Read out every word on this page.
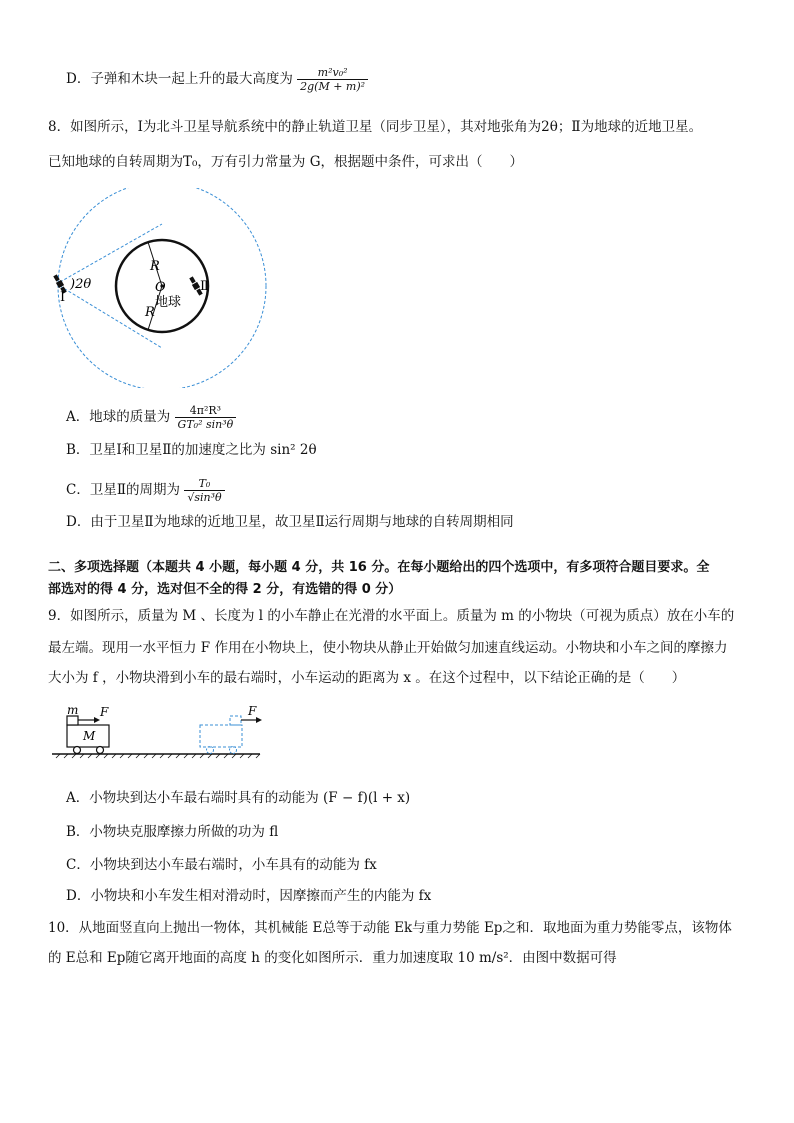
D．子弹和木块一起上升的最大高度为 $\frac{\text{m²v₀²}}{\text{2g(M + m)²}}$
8．如图所示，Ⅰ为北斗卫星导航系统中的静止轨道卫星（同步卫星），其对地张角为2θ；Ⅱ为地球的近地卫星。
已知地球的自转周期为T₀，万有引力常量为 G，根据题中条件，可求出（　　）
R
R
O
地球
Ⅰ
)2θ	Ⅱ
A．地球的质量为 $\frac{\text{4π²R³}}{\text{GT₀² sin³θ}}$
B．卫星Ⅰ和卫星Ⅱ的加速度之比为 sin² 2θ
C．卫星Ⅱ的周期为 $\frac{\text{T₀}}{\text{√sin³θ}}$
D．由于卫星Ⅱ为地球的近地卫星，故卫星Ⅱ运行周期与地球的自转周期相同
二、多项选择题（本题共 4 小题，每小题 4 分，共 16 分。在每小题给出的四个选项中，有多项符合题目要求。全
部选对的得 4 分，选对但不全的得 2 分，有选错的得 0 分）
9．如图所示，质量为 M 、长度为 l 的小车静止在光滑的水平面上。质量为 m 的小物块（可视为质点）放在小车的
最左端。现用一水平恒力 F 作用在小物块上，使小物块从静止开始做匀加速直线运动。小物块和小车之间的摩擦力
大小为 f ，小物块滑到小车的最右端时，小车运动的距离为 x 。在这个过程中，以下结论正确的是（　　）
m F
M
F
A．小物块到达小车最右端时具有的动能为 (F − f)(l + x)
B．小物块克服摩擦力所做的功为 fl
C．小物块到达小车最右端时，小车具有的动能为 fx
D．小物块和小车发生相对滑动时，因摩擦而产生的内能为 fx
10．从地面竖直向上抛出一物体，其机械能 E总等于动能 Ek与重力势能 Ep之和．取地面为重力势能零点，该物体
的 E总和 Ep随它离开地面的高度 h 的变化如图所示．重力加速度取 10 m/s²．由图中数据可得
